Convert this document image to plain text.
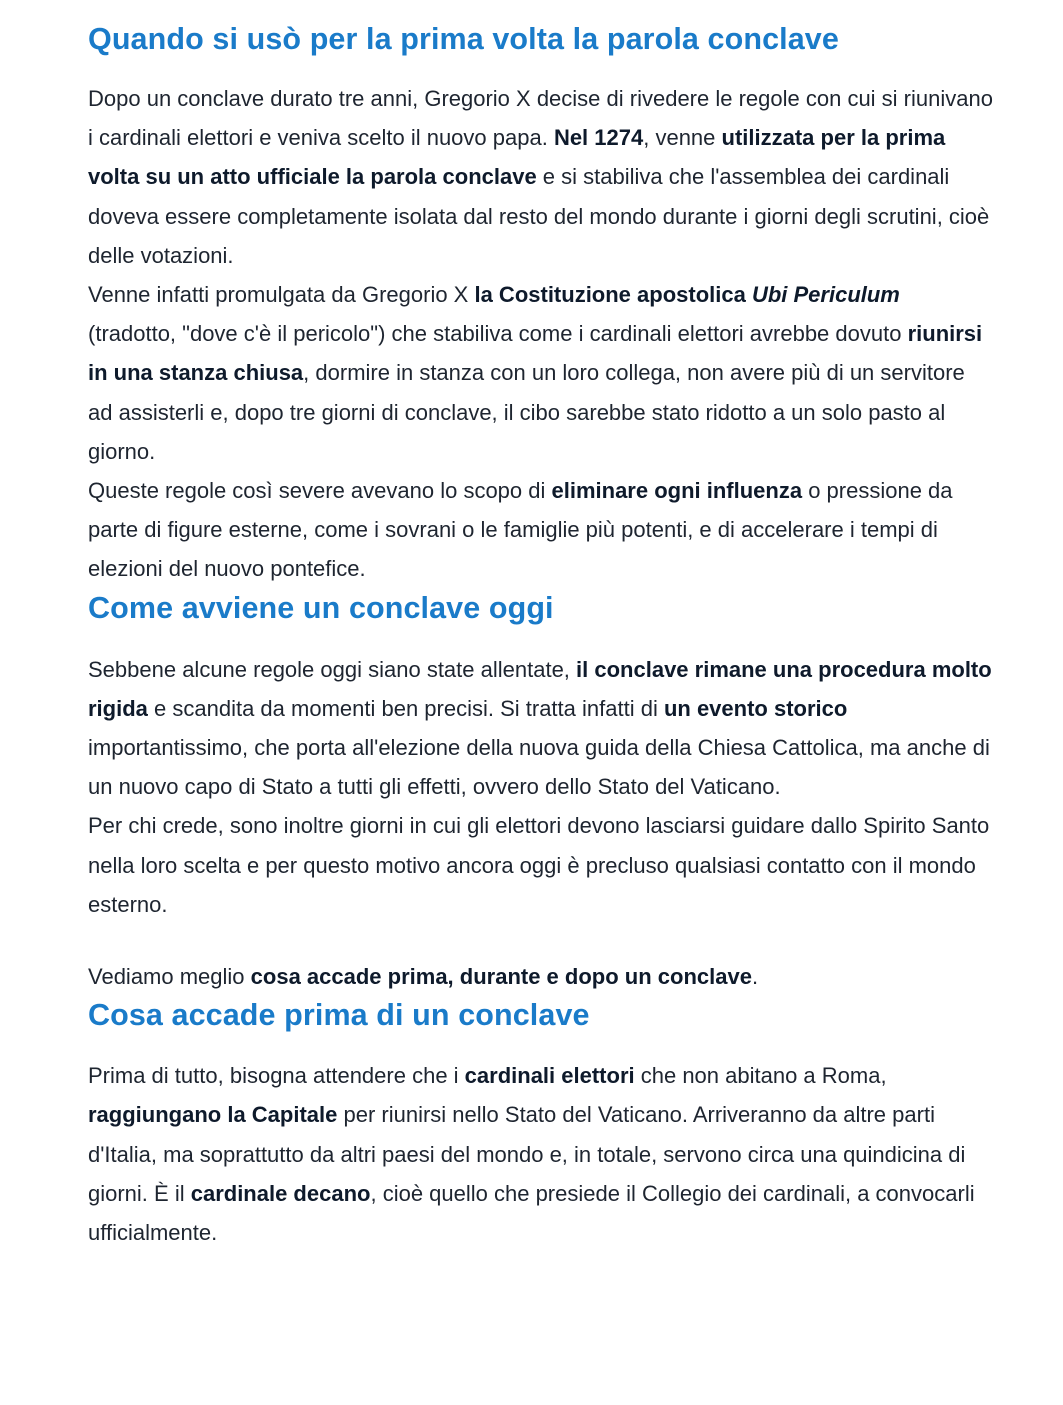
Quando si usò per la prima volta la parola conclave

Dopo un conclave durato tre anni, Gregorio X decise di rivedere le regole con cui si riunivano i cardinali elettori e veniva scelto il nuovo papa. Nel 1274, venne utilizzata per la prima volta su un atto ufficiale la parola conclave e si stabiliva che l'assemblea dei cardinali doveva essere completamente isolata dal resto del mondo durante i giorni degli scrutini, cioè delle votazioni.

Venne infatti promulgata da Gregorio X la Costituzione apostolica Ubi Periculum (tradotto, "dove c'è il pericolo") che stabiliva come i cardinali elettori avrebbe dovuto riunirsi in una stanza chiusa, dormire in stanza con un loro collega, non avere più di un servitore ad assisterli e, dopo tre giorni di conclave, il cibo sarebbe stato ridotto a un solo pasto al giorno.

Queste regole così severe avevano lo scopo di eliminare ogni influenza o pressione da parte di figure esterne, come i sovrani o le famiglie più potenti, e di accelerare i tempi di elezioni del nuovo pontefice.

Come avviene un conclave oggi

Sebbene alcune regole oggi siano state allentate, il conclave rimane una procedura molto rigida e scandita da momenti ben precisi. Si tratta infatti di un evento storico importantissimo, che porta all'elezione della nuova guida della Chiesa Cattolica, ma anche di un nuovo capo di Stato a tutti gli effetti, ovvero dello Stato del Vaticano.

Per chi crede, sono inoltre giorni in cui gli elettori devono lasciarsi guidare dallo Spirito Santo nella loro scelta e per questo motivo ancora oggi è precluso qualsiasi contatto con il mondo esterno.

Vediamo meglio cosa accade prima, durante e dopo un conclave.

Cosa accade prima di un conclave

Prima di tutto, bisogna attendere che i cardinali elettori che non abitano a Roma, raggiungano la Capitale per riunirsi nello Stato del Vaticano. Arriveranno da altre parti d'Italia, ma soprattutto da altri paesi del mondo e, in totale, servono circa una quindicina di giorni. È il cardinale decano, cioè quello che presiede il Collegio dei cardinali, a convocarli ufficialmente.
